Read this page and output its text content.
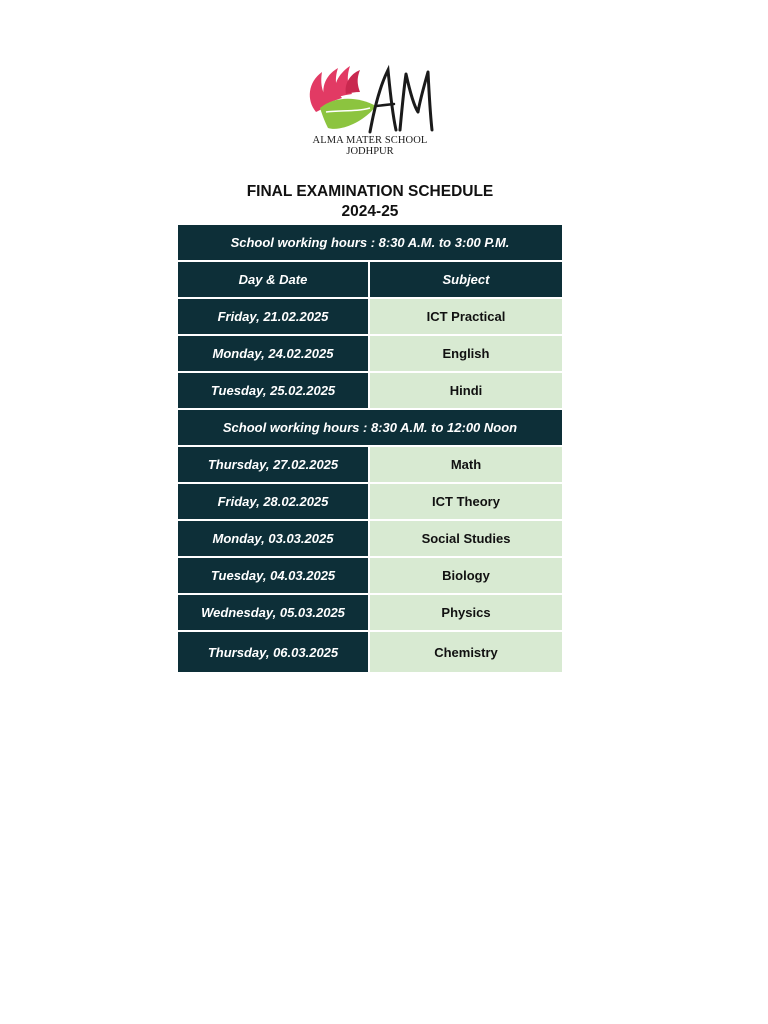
ALMA MATER SCHOOL
JODHPUR
FINAL EXAMINATION SCHEDULE
2024-25
School working hours : 8:30 A.M. to 3:00 P.M.	
Day & Date	Subject
Friday, 21.02.2025	ICT Practical
Monday, 24.02.2025	English
Tuesday, 25.02.2025	Hindi
School working hours : 8:30 A.M. to 12:00 Noon	
Thursday, 27.02.2025	Math
Friday, 28.02.2025	ICT Theory
Monday, 03.03.2025	Social Studies
Tuesday, 04.03.2025	Biology
Wednesday, 05.03.2025	Physics
Thursday, 06.03.2025	Chemistry
